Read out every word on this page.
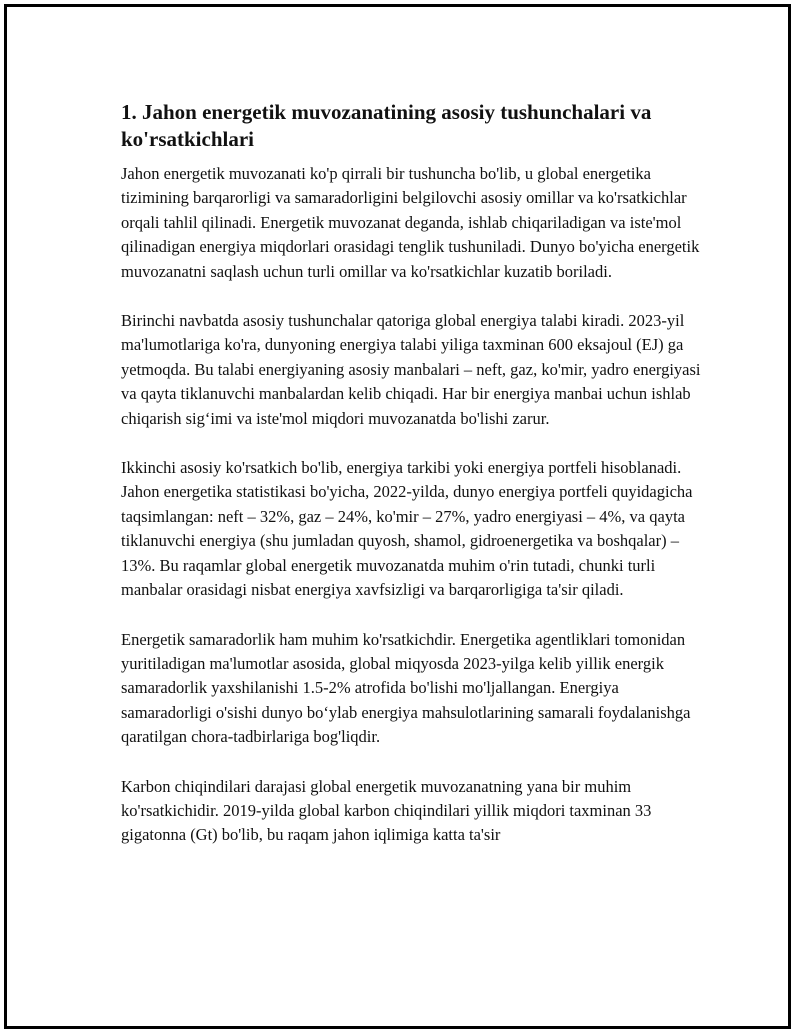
1. Jahon energetik muvozanatining asosiy tushunchalari va ko'rsatkichlari

Jahon energetik muvozanati ko'p qirrali bir tushuncha bo'lib, u global energetika tizimining barqarorligi va samaradorligini belgilovchi asosiy omillar va ko'rsatkichlar orqali tahlil qilinadi. Energetik muvozanat deganda, ishlab chiqariladigan va iste'mol qilinadigan energiya miqdorlari orasidagi tenglik tushuniladi. Dunyo bo'yicha energetik muvozanatni saqlash uchun turli omillar va ko'rsatkichlar kuzatib boriladi.

Birinchi navbatda asosiy tushunchalar qatoriga global energiya talabi kiradi. 2023-yil ma'lumotlariga ko'ra, dunyoning energiya talabi yiliga taxminan 600 eksajoul (EJ) ga yetmoqda. Bu talabi energiyaning asosiy manbalari – neft, gaz, ko'mir, yadro energiyasi va qayta tiklanuvchi manbalardan kelib chiqadi. Har bir energiya manbai uchun ishlab chiqarish sig‘imi va iste'mol miqdori muvozanatda bo'lishi zarur.

Ikkinchi asosiy ko'rsatkich bo'lib, energiya tarkibi yoki energiya portfeli hisoblanadi. Jahon energetika statistikasi bo'yicha, 2022-yilda, dunyo energiya portfeli quyidagicha taqsimlangan: neft – 32%, gaz – 24%, ko'mir – 27%, yadro energiyasi – 4%, va qayta tiklanuvchi energiya (shu jumladan quyosh, shamol, gidroenergetika va boshqalar) – 13%. Bu raqamlar global energetik muvozanatda muhim o'rin tutadi, chunki turli manbalar orasidagi nisbat energiya xavfsizligi va barqarorligiga ta'sir qiladi.

Energetik samaradorlik ham muhim ko'rsatkichdir. Energetika agentliklari tomonidan yuritiladigan ma'lumotlar asosida, global miqyosda 2023-yilga kelib yillik energik samaradorlik yaxshilanishi 1.5-2% atrofida bo'lishi mo'ljallangan. Energiya samaradorligi o'sishi dunyo bo‘ylab energiya mahsulotlarining samarali foydalanishga qaratilgan chora-tadbirlariga bog'liqdir.

Karbon chiqindilari darajasi global energetik muvozanatning yana bir muhim ko'rsatkichidir. 2019-yilda global karbon chiqindilari yillik miqdori taxminan 33 gigatonna (Gt) bo'lib, bu raqam jahon iqlimiga katta ta'sir
